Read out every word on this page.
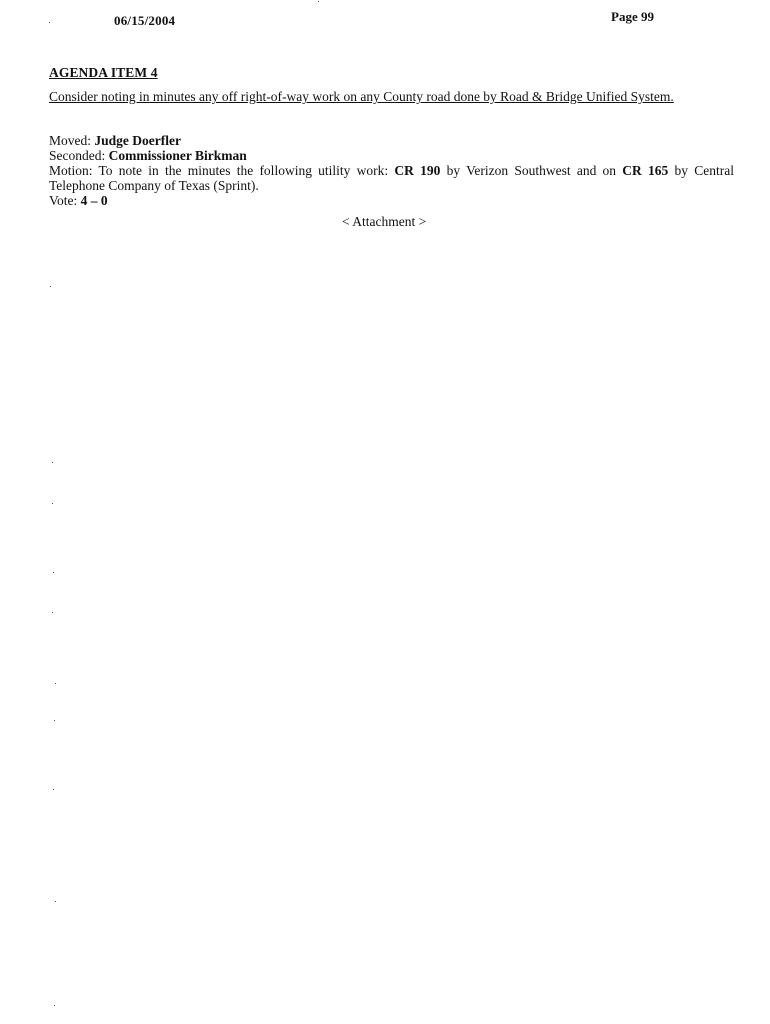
06/15/2004	Page 99
AGENDA ITEM 4
Consider noting in minutes any off right-of-way work on any County road done by Road & Bridge Unified System.
Moved: Judge Doerfler
Seconded: Commissioner Birkman
Motion: To note in the minutes the following utility work: CR 190 by Verizon Southwest and on CR 165 by Central Telephone Company of Texas (Sprint).
Vote: 4 – 0
< Attachment >
